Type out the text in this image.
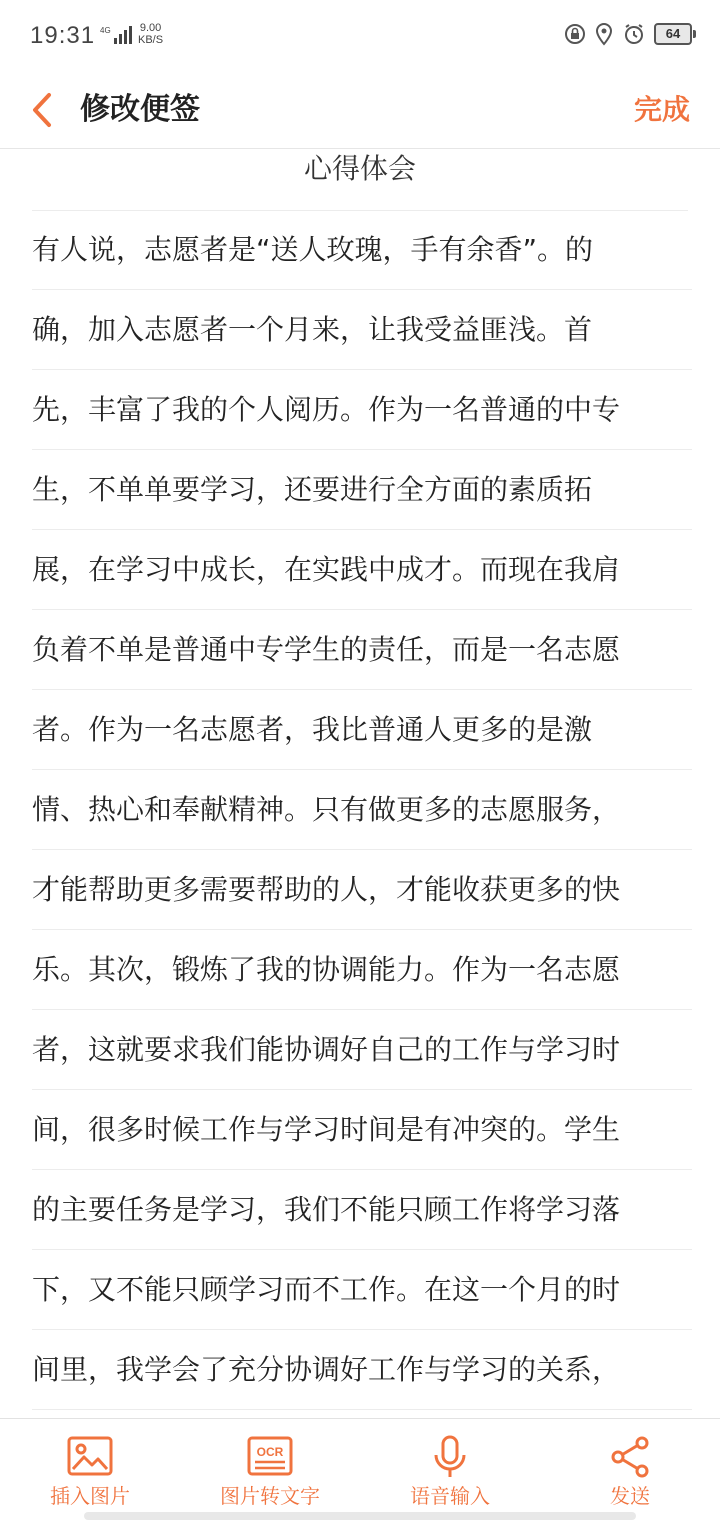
19:31 4G	9.00
KB/S	64
修改便签	完成
心得体会
有人说，志愿者是“送人玫瑰，手有余香”。的
确，加入志愿者一个月来，让我受益匪浅。首
先，丰富了我的个人阅历。作为一名普通的中专
生，不单单要学习，还要进行全方面的素质拓
展，在学习中成长，在实践中成才。而现在我肩
负着不单是普通中专学生的责任，而是一名志愿
者。作为一名志愿者，我比普通人更多的是激
情、热心和奉献精神。只有做更多的志愿服务，
才能帮助更多需要帮助的人，才能收获更多的快
乐。其次，锻炼了我的协调能力。作为一名志愿
者，这就要求我们能协调好自己的工作与学习时
间，很多时候工作与学习时间是有冲突的。学生
的主要任务是学习，我们不能只顾工作将学习落
下，又不能只顾学习而不工作。在这一个月的时
间里，我学会了充分协调好工作与学习的关系，
插入图片
OCR
图片转文字	语音输入	发送
